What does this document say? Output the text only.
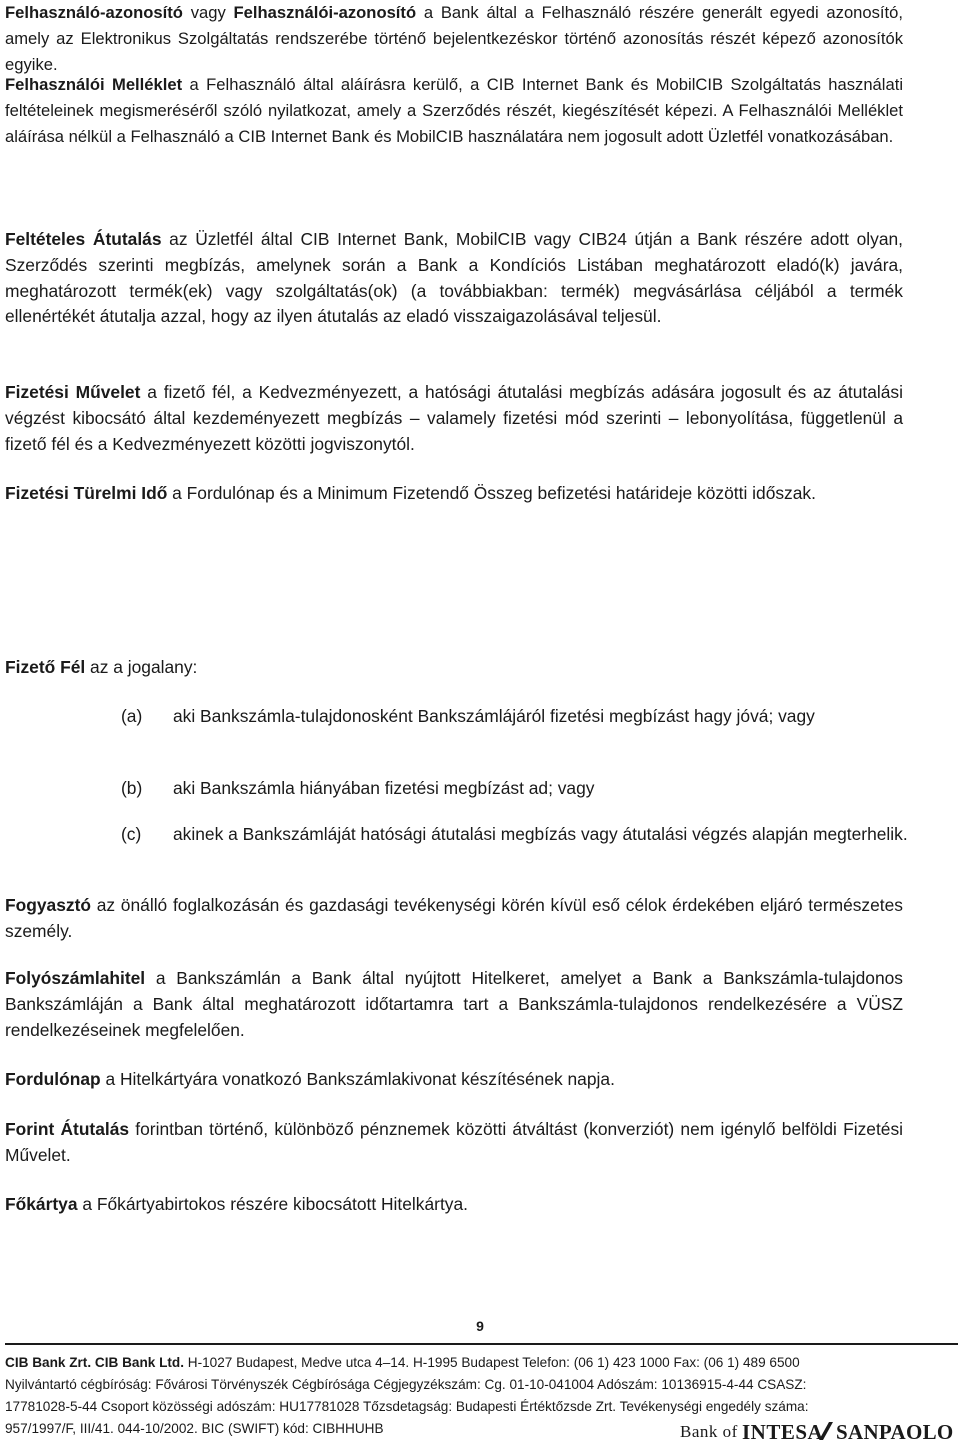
Felhasználó-azonosító vagy Felhasználói-azonosító a Bank által a Felhasználó részére generált egyedi azonosító, amely az Elektronikus Szolgáltatás rendszerébe történő bejelentkezéskor történő azonosítás részét képező azonosítók egyike.

Felhasználói Melléklet a Felhasználó által aláírásra kerülő, a CIB Internet Bank és MobilCIB Szolgáltatás használati feltételeinek megismeréséről szóló nyilatkozat, amely a Szerződés részét, kiegészítését képezi. A Felhasználói Melléklet aláírása nélkül a Felhasználó a CIB Internet Bank és MobilCIB használatára nem jogosult adott Üzletfél vonatkozásában.

Feltételes Átutalás az Üzletfél által CIB Internet Bank, MobilCIB vagy CIB24 útján a Bank részére adott olyan, Szerződés szerinti megbízás, amelynek során a Bank a Kondíciós Listában meghatározott eladó(k) javára, meghatározott termék(ek) vagy szolgáltatás(ok) (a továbbiakban: termék) megvásárlása céljából a termék ellenértékét átutalja azzal, hogy az ilyen átutalás az eladó visszaigazolásával teljesül.

Fizetési Művelet a fizető fél, a Kedvezményezett, a hatósági átutalási megbízás adására jogosult és az átutalási végzést kibocsátó által kezdeményezett megbízás – valamely fizetési mód szerinti – lebonyolítása, függetlenül a fizető fél és a Kedvezményezett közötti jogviszonytól.

Fizetési Türelmi Idő a Fordulónap és a Minimum Fizetendő Összeg befizetési határideje közötti időszak.

Fizető Fél az a jogalany:

(a)	aki Bankszámla-tulajdonosként Bankszámlájáról fizetési megbízást hagy jóvá; vagy
(b)	aki Bankszámla hiányában fizetési megbízást ad; vagy
(c)	akinek a Bankszámláját hatósági átutalási megbízás vagy átutalási végzés alapján megterhelik.

Fogyasztó az önálló foglalkozásán és gazdasági tevékenységi körén kívül eső célok érdekében eljáró természetes személy.

Folyószámlahitel a Bankszámlán a Bank által nyújtott Hitelkeret, amelyet a Bank a Bankszámla-tulajdonos Bankszámláján a Bank által meghatározott időtartamra tart a Bankszámla-tulajdonos rendelkezésére a VÜSZ rendelkezéseinek megfelelően.

Fordulónap a Hitelkártyára vonatkozó Bankszámlakivonat készítésének napja.

Forint Átutalás forintban történő, különböző pénznemek közötti átváltást (konverziót) nem igénylő belföldi Fizetési Művelet.

Főkártya a Főkártyabirtokos részére kibocsátott Hitelkártya.

9
CIB Bank Zrt. CIB Bank Ltd. H-1027 Budapest, Medve utca 4–14. H-1995 Budapest Telefon: (06 1) 423 1000 Fax: (06 1) 489 6500
Nyilvántartó cégbíróság: Fővárosi Törvényszék Cégbírósága Cégjegyzékszám: Cg. 01-10-041004 Adószám: 10136915-4-44 CSASZ:
17781028-5-44 Csoport közösségi adószám: HU17781028 Tőzsdetagság: Budapesti Értéktőzsde Zrt. Tevékenységi engedély száma:
957/1997/F, III/41. 044-10/2002. BIC (SWIFT) kód: CIBHHUHB	Bank of INTESA SANPAOLO
